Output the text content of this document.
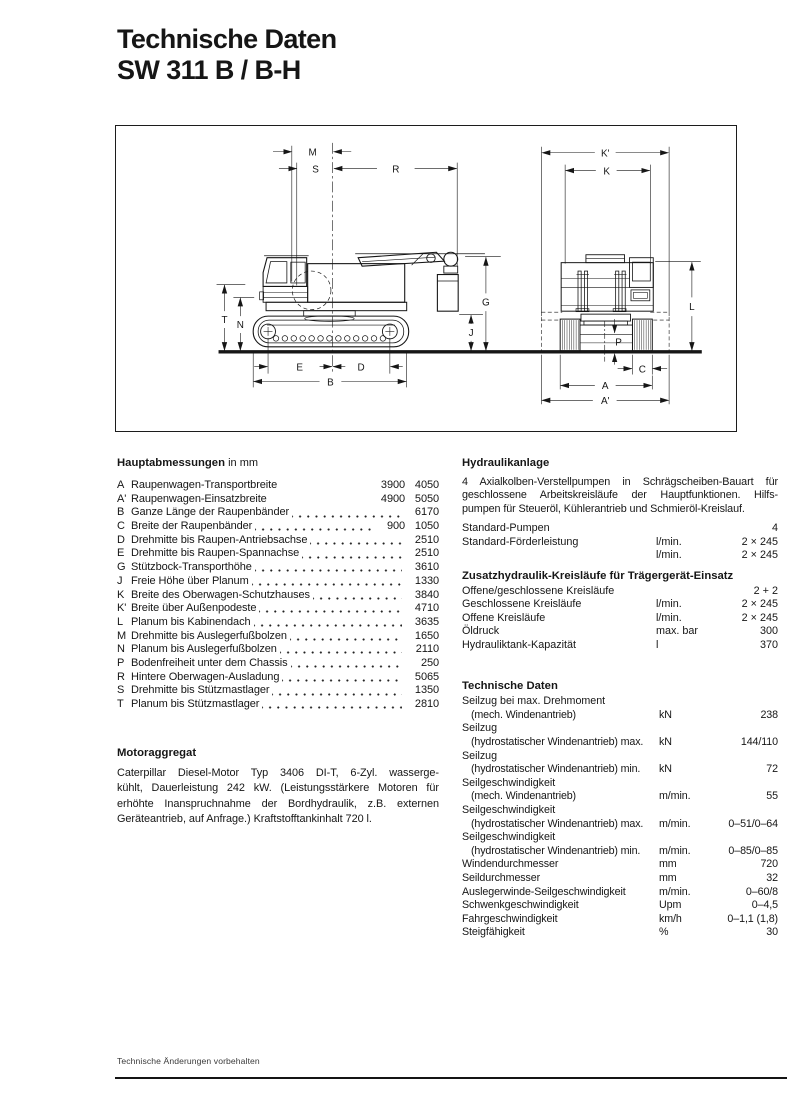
Technische Daten
SW 311 B / B-H
M
S	R
G
J
T N
E	D
B
K'
K
L
P
C
A
A'
Hauptabmessungen in mm
A Raupenwagen-Transportbreite	3900 4050
A' Raupenwagen-Einsatzbreite	4900 5050
B Ganze Länge der Raupenbänder	6170
C Breite der Raupenbänder	900 1050
D Drehmitte bis Raupen-Antriebsachse	2510
E Drehmitte bis Raupen-Spannachse	2510
G Stützbock-Transporthöhe	3610
J Freie Höhe über Planum	1330
K Breite des Oberwagen-Schutzhauses	3840
K' Breite über Außenpodeste	4710
L Planum bis Kabinendach	3635
M Drehmitte bis Auslegerfußbolzen	1650
N Planum bis Auslegerfußbolzen	2110
P Bodenfreiheit unter dem Chassis	250
R Hintere Oberwagen-Ausladung	5065
S Drehmitte bis Stützmastlager	1350
T Planum bis Stützmastlager	2810
Motoraggregat
Caterpillar Diesel-Motor Typ 3406 DI-T, 6-Zyl. wasserge-
kühlt, Dauerleistung 242 kW. (Leistungsstärkere Motoren für
erhöhte Inanspruchnahme der Bordhydraulik, z.B. externen
Geräteantrieb, auf Anfrage.) Kraftstofftankinhalt 720 l.
Hydraulikanlage
4 Axialkolben-Verstellpumpen in Schrägscheiben-Bauart für
geschlossene Arbeitskreisläufe der Hauptfunktionen. Hilfs-
pumpen für Steueröl, Kühlerantrieb und Schmieröl-Kreislauf.
Standard-Pumpen	4
Standard-Förderleistung	l/min.	2 × 245
l/min.	2 × 245
Zusatzhydraulik-Kreisläufe für Trägergerät-Einsatz
Offene/geschlossene Kreisläufe	2 + 2
Geschlossene Kreisläufe	l/min.	2 × 245
Offene Kreisläufe	l/min.	2 × 245
Öldruck	max. bar	300
Hydrauliktank-Kapazität	l	370
Technische Daten
Seilzug bei max. Drehmoment
(mech. Windenantrieb)	kN	238
Seilzug
(hydrostatischer Windenantrieb) max.	kN	144/110
Seilzug
(hydrostatischer Windenantrieb) min.	kN	72
Seilgeschwindigkeit
(mech. Windenantrieb)	m/min.	55
Seilgeschwindigkeit
(hydrostatischer Windenantrieb) max.	m/min.	0–51/0–64
Seilgeschwindigkeit
(hydrostatischer Windenantrieb) min.	m/min.	0–85/0–85
Windendurchmesser	mm	720
Seildurchmesser	mm	32
Auslegerwinde-Seilgeschwindigkeit	m/min.	0–60/8
Schwenkgeschwindigkeit	Upm	0–4,5
Fahrgeschwindigkeit	km/h	0–1,1 (1,8)
Steigfähigkeit	%	30
Technische Änderungen vorbehalten
